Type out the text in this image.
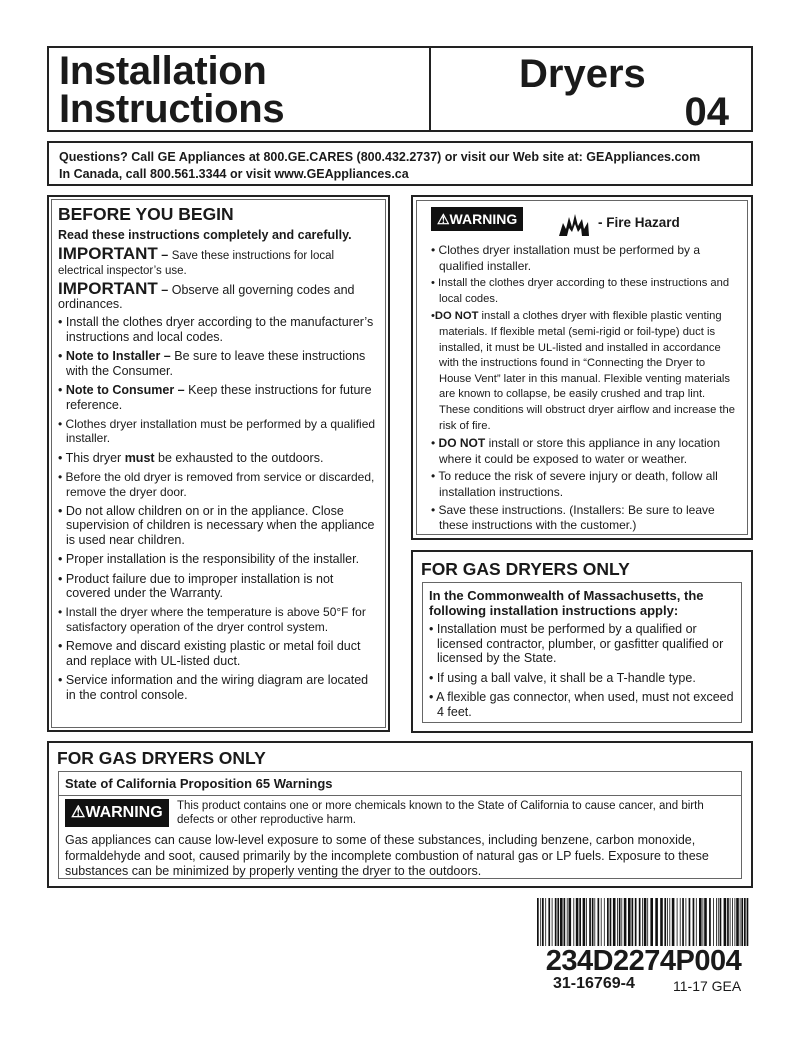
Installation
Instructions
Dryers
04
Questions? Call GE Appliances at 800.GE.CARES (800.432.2737) or visit our Web site at: GEAppliances.com
In Canada, call 800.561.3344 or visit www.GEAppliances.ca
BEFORE YOU BEGIN
Read these instructions completely and carefully.
IMPORTANT – Save these instructions for local electrical inspector’s use.
IMPORTANT – Observe all governing codes and ordinances.
• Install the clothes dryer according to the manufacturer’s instructions and local codes.
• Note to Installer – Be sure to leave these instructions with the Consumer.
• Note to Consumer – Keep these instructions for future reference.
• Clothes dryer installation must be performed by a qualified installer.
• This dryer must be exhausted to the outdoors.
• Before the old dryer is removed from service or discarded, remove the dryer door.
• Do not allow children on or in the appliance. Close supervision of children is necessary when the appliance is used near children.
• Proper installation is the responsibility of the installer.
• Product failure due to improper installation is not covered under the Warranty.
• Install the dryer where the temperature is above 50°F for satisfactory operation of the dryer control system.
• Remove and discard existing plastic or metal foil duct and replace with UL-listed duct.
• Service information and the wiring diagram are located in the control console.
⚠WARNING	- Fire Hazard
• Clothes dryer installation must be performed by a qualified installer.
• Install the clothes dryer according to these instructions and local codes.
•DO NOT install a clothes dryer with flexible plastic venting materials. If flexible metal (semi-rigid or foil-type) duct is installed, it must be UL-listed and installed in accordance with the instructions found in “Connecting the Dryer to House Vent” later in this manual. Flexible venting materials are known to collapse, be easily crushed and trap lint. These conditions will obstruct dryer airflow and increase the risk of fire.
• DO NOT install or store this appliance in any location where it could be exposed to water or weather.
• To reduce the risk of severe injury or death, follow all installation instructions.
• Save these instructions. (Installers: Be sure to leave these instructions with the customer.)
FOR GAS DRYERS ONLY
In the Commonwealth of Massachusetts, the following installation instructions apply:
• Installation must be performed by a qualified or licensed contractor, plumber, or gasfitter qualified or licensed by the State.
• If using a ball valve, it shall be a T-handle type.
• A flexible gas connector, when used, must not exceed 4 feet.
FOR GAS DRYERS ONLY
State of California Proposition 65 Warnings
⚠WARNING	This product contains one or more chemicals known to the State of California to cause cancer, and birth defects or other reproductive harm.
Gas appliances can cause low-level exposure to some of these substances, including benzene, carbon monoxide, formaldehyde and soot, caused primarily by the incomplete combustion of natural gas or LP fuels. Exposure to these substances can be minimized by properly venting the dryer to the outdoors.
234D2274P004
31-16769-4	11-17 GEA
